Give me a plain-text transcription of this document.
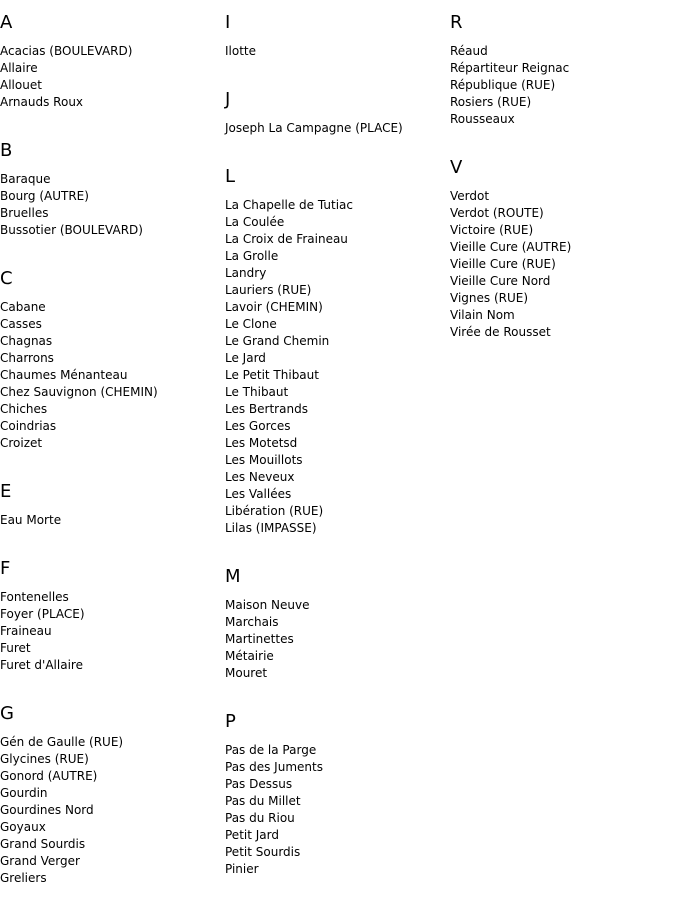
A
Acacias (BOULEVARD)
Allaire
Allouet
Arnauds Roux
B
Baraque
Bourg (AUTRE)
Bruelles
Bussotier (BOULEVARD)
C
Cabane
Casses
Chagnas
Charrons
Chaumes Ménanteau
Chez Sauvignon (CHEMIN)
Chiches
Coindrias
Croizet
E
Eau Morte
F
Fontenelles
Foyer (PLACE)
Fraineau
Furet
Furet d'Allaire
G
Gén de Gaulle (RUE)
Glycines (RUE)
Gonord (AUTRE)
Gourdin
Gourdines Nord
Goyaux
Grand Sourdis
Grand Verger
Greliers
I
Ilotte
J
Joseph La Campagne (PLACE)
L
La Chapelle de Tutiac
La Coulée
La Croix de Fraineau
La Grolle
Landry
Lauriers (RUE)
Lavoir (CHEMIN)
Le Clone
Le Grand Chemin
Le Jard
Le Petit Thibaut
Le Thibaut
Les Bertrands
Les Gorces
Les Motetsd
Les Mouillots
Les Neveux
Les Vallées
Libération (RUE)
Lilas (IMPASSE)
M
Maison Neuve
Marchais
Martinettes
Métairie
Mouret
P
Pas de la Parge
Pas des Juments
Pas Dessus
Pas du Millet
Pas du Riou
Petit Jard
Petit Sourdis
Pinier
R
Réaud
Répartiteur Reignac
République (RUE)
Rosiers (RUE)
Rousseaux
V
Verdot
Verdot (ROUTE)
Victoire (RUE)
Vieille Cure (AUTRE)
Vieille Cure (RUE)
Vieille Cure Nord
Vignes (RUE)
Vilain Nom
Virée de Rousset
